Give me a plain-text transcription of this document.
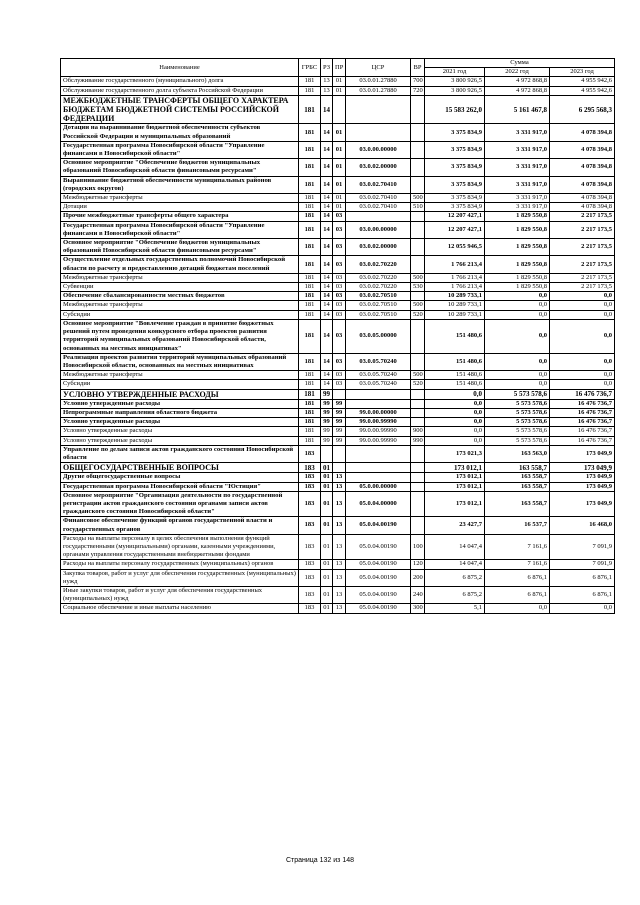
Наименование	ГРБС	РЗ	ПР	ЦСР	ВР	Сумма		
						2021 год	2022 год	2023 год
Обслуживание государственного (муниципального) долга	181	13	01	03.0.01.27880	700	3 800 926,5	4 972 868,8	4 955 942,6
Обслуживание государственного долга субъекта Российской Федерации	181	13	01	03.0.01.27880	720	3 800 926,5	4 972 868,8	4 955 942,6
МЕЖБЮДЖЕТНЫЕ ТРАНСФЕРТЫ ОБЩЕГО ХАРАКТЕРА БЮДЖЕТАМ БЮДЖЕТНОЙ СИСТЕМЫ РОССИЙСКОЙ ФЕДЕРАЦИИ	181	14				15 583 262,0	5 161 467,8	6 295 568,3
Дотации на выравнивание бюджетной обеспеченности субъектов Российской Федерации и муниципальных образований	181	14	01			3 375 834,9	3 331 917,0	4 078 394,8
Государственная программа Новосибирской области "Управление финансами в Новосибирской области"	181	14	01	03.0.00.00000		3 375 834,9	3 331 917,0	4 078 394,8
Основное мероприятие "Обеспечение бюджетов муниципальных образований Новосибирской области финансовыми ресурсами"	181	14	01	03.0.02.00000		3 375 834,9	3 331 917,0	4 078 394,8
Выравнивание бюджетной обеспеченности муниципальных районов (городских округов)	181	14	01	03.0.02.70410		3 375 834,9	3 331 917,0	4 078 394,8
Межбюджетные трансферты	181	14	01	03.0.02.70410	500	3 375 834,9	3 331 917,0	4 078 394,8
Дотации	181	14	01	03.0.02.70410	510	3 375 834,9	3 331 917,0	4 078 394,8
Прочие межбюджетные трансферты общего характера	181	14	03			12 207 427,1	1 829 550,8	2 217 173,5
Государственная программа Новосибирской области "Управление финансами в Новосибирской области"	181	14	03	03.0.00.00000		12 207 427,1	1 829 550,8	2 217 173,5
Основное мероприятие "Обеспечение бюджетов муниципальных образований Новосибирской области финансовыми ресурсами"	181	14	03	03.0.02.00000		12 055 946,5	1 829 550,8	2 217 173,5
Осуществление отдельных государственных полномочий Новосибирской области по расчету и предоставлению дотаций бюджетам поселений	181	14	03	03.0.02.70220		1 766 213,4	1 829 550,8	2 217 173,5
Межбюджетные трансферты	181	14	03	03.0.02.70220	500	1 766 213,4	1 829 550,8	2 217 173,5
Субвенции	181	14	03	03.0.02.70220	530	1 766 213,4	1 829 550,8	2 217 173,5
Обеспечение сбалансированности местных бюджетов	181	14	03	03.0.02.70510		10 289 733,1	0,0	0,0
Межбюджетные трансферты	181	14	03	03.0.02.70510	500	10 289 733,1	0,0	0,0
Субсидии	181	14	03	03.0.02.70510	520	10 289 733,1	0,0	0,0
Основное мероприятие "Вовлечение граждан в принятие бюджетных решений путем проведения конкурсного отбора проектов развития территорий муниципальных образований Новосибирской области, основанных на местных инициативах"	181	14	03	03.0.05.00000		151 480,6	0,0	0,0
Реализация проектов развития территорий муниципальных образований Новосибирской области, основанных на местных инициативах	181	14	03	03.0.05.70240		151 480,6	0,0	0,0
Межбюджетные трансферты	181	14	03	03.0.05.70240	500	151 480,6	0,0	0,0
Субсидии	181	14	03	03.0.05.70240	520	151 480,6	0,0	0,0
УСЛОВНО УТВЕРЖДЕННЫЕ РАСХОДЫ	181	99				0,0	5 573 578,6	16 476 736,7
Условно утвержденные расходы	181	99	99			0,0	5 573 578,6	16 476 736,7
Непрограммные направления областного бюджета	181	99	99	99.0.00.00000		0,0	5 573 578,6	16 476 736,7
Условно утвержденные расходы	181	99	99	99.0.00.99990		0,0	5 573 578,6	16 476 736,7
Условно утвержденные расходы	181	99	99	99.0.00.99990	900	0,0	5 573 578,6	16 476 736,7
Условно утвержденные расходы	181	99	99	99.0.00.99990	990	0,0	5 573 578,6	16 476 736,7
Управление по делам записи актов гражданского состояния Новосибирской области	183					173 021,3	163 563,0	173 049,9
ОБЩЕГОСУДАРСТВЕННЫЕ ВОПРОСЫ	183	01				173 012,1	163 558,7	173 049,9
Другие общегосударственные вопросы	183	01	13			173 012,1	163 558,7	173 049,9
Государственная программа Новосибирской области "Юстиция"	183	01	13	05.0.00.00000		173 012,1	163 558,7	173 049,9
Основное мероприятие "Организация деятельности по государственной регистрации актов гражданского состояния органами записи актов гражданского состояния Новосибирской области"	183	01	13	05.0.04.00000		173 012,1	163 558,7	173 049,9
Финансовое обеспечение функций органов государственной власти и государственных органов	183	01	13	05.0.04.00190		23 427,7	16 537,7	16 468,0
Расходы на выплаты персоналу в целях обеспечения выполнения функций государственными (муниципальными) органами, казенными учреждениями, органами управления государственными внебюджетными фондами	183	01	13	05.0.04.00190	100	14 047,4	7 161,6	7 091,9
Расходы на выплаты персоналу государственных (муниципальных) органов	183	01	13	05.0.04.00190	120	14 047,4	7 161,6	7 091,9
Закупка товаров, работ и услуг для обеспечения государственных (муниципальных) нужд	183	01	13	05.0.04.00190	200	6 875,2	6 876,1	6 876,1
Иные закупки товаров, работ и услуг для обеспечения государственных (муниципальных) нужд	183	01	13	05.0.04.00190	240	6 875,2	6 876,1	6 876,1
Социальное обеспечение и иные выплаты населению	183	01	13	05.0.04.00190	300	5,1	0,0	0,0
Страница 132 из 148
